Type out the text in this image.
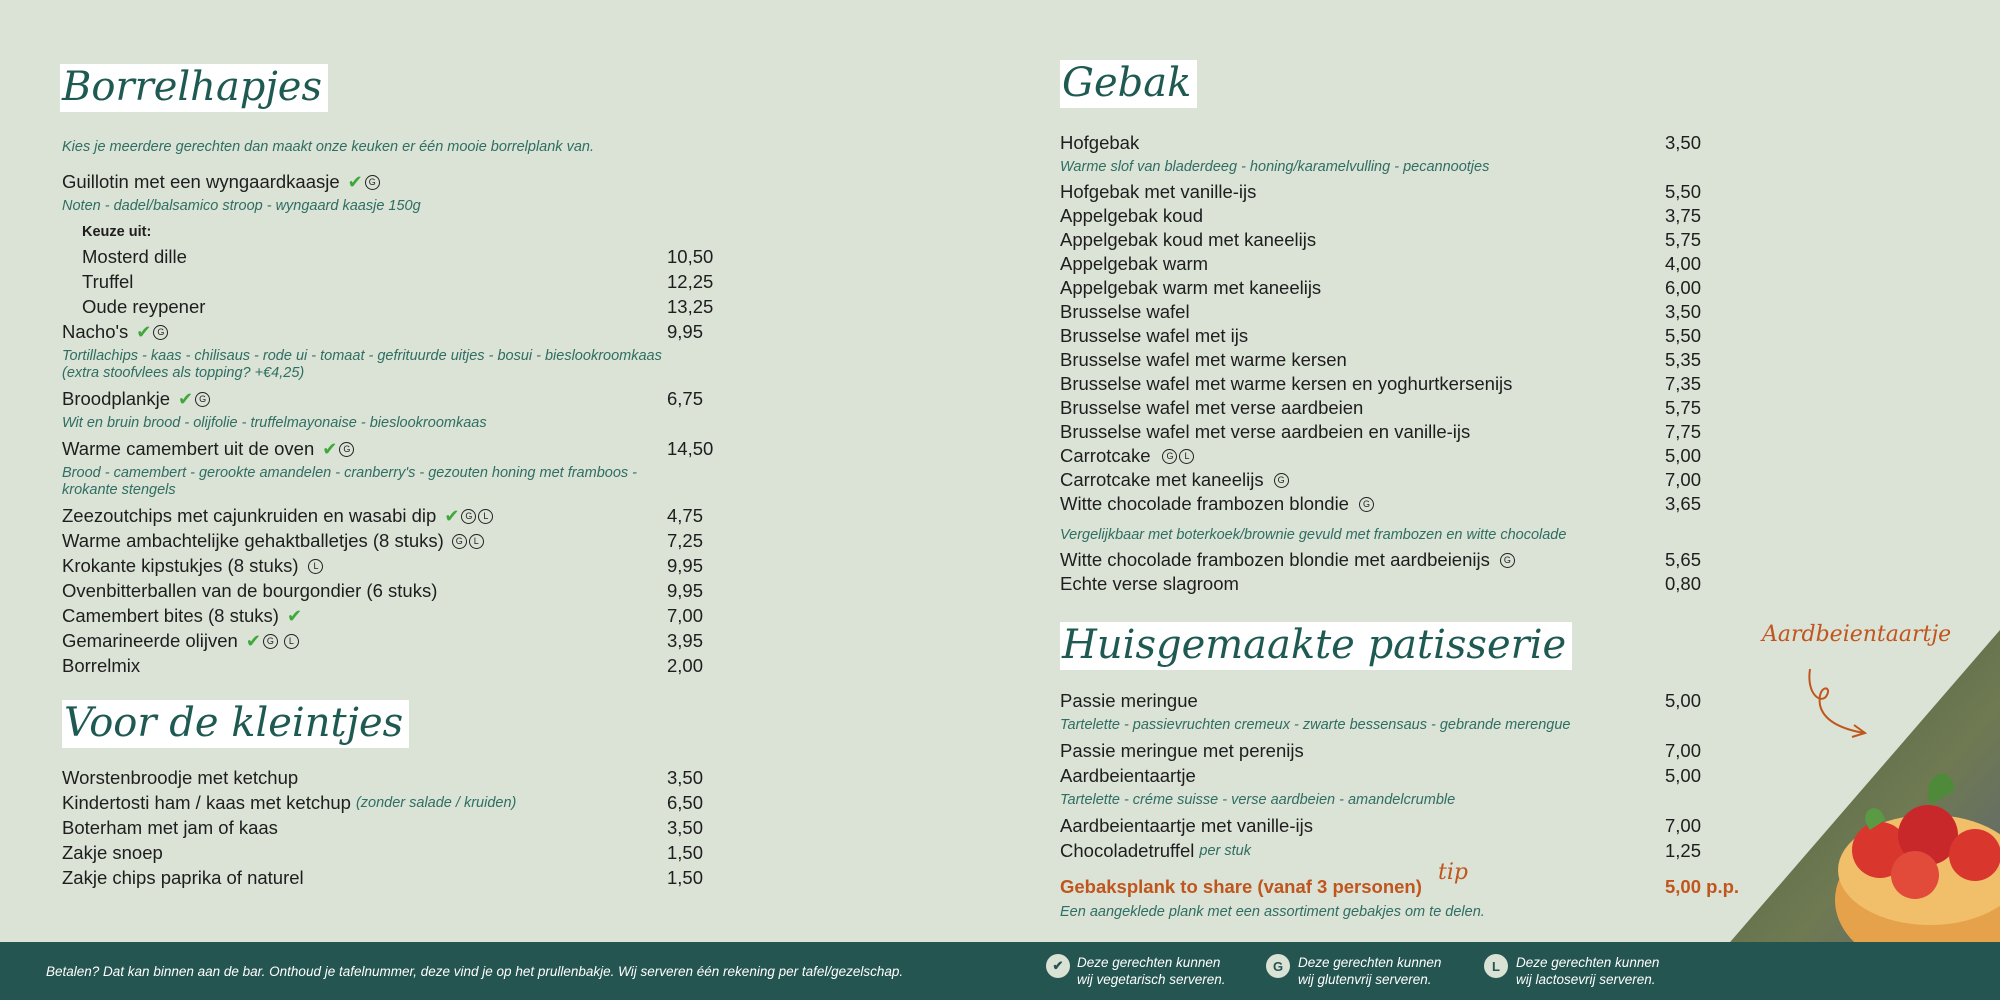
Borrelhapjes
Kies je meerdere gerechten dan maakt onze keuken er één mooie borrelplank van.
Guillotin met een wyngaardkaasje ✔ G
Noten - dadel/balsamico stroop - wyngaard kaasje 150g
Keuze uit:
Mosterd dille	10,50
Truffel	12,25
Oude reypener	13,25
Nacho's ✔ G	9,95
Tortillachips - kaas - chilisaus - rode ui - tomaat - gefrituurde uitjes - bosui - bieslookroomkaas
(extra stoofvlees als topping? +€4,25)
Broodplankje ✔ G	6,75
Wit en bruin brood - olijfolie - truffelmayonaise - bieslookroomkaas
Warme camembert uit de oven ✔ G	14,50
Brood - camembert - gerookte amandelen - cranberry's - gezouten honing met framboos -
krokante stengels
Zeezoutchips met cajunkruiden en wasabi dip ✔ G	L	4,75
Warme ambachtelijke gehaktballetjes (8 stuks)	G	L	7,25
Krokante kipstukjes (8 stuks)	L	9,95
Ovenbitterballen van de bourgondier (6 stuks)	9,95
Camembert bites (8 stuks) ✔	7,00
Gemarineerde olijven ✔ G	L	3,95
Borrelmix	2,00
Voor de kleintjes
Worstenbroodje met ketchup	3,50
Kindertosti ham / kaas met ketchup (zonder salade / kruiden)	6,50
Boterham met jam of kaas	3,50
Zakje snoep	1,50
Zakje chips paprika of naturel	1,50
Gebak
Hofgebak	3,50
Warme slof van bladerdeeg - honing/karamelvulling - pecannootjes
Hofgebak met vanille-ijs	5,50
Appelgebak koud	3,75
Appelgebak koud met kaneelijs	5,75
Appelgebak warm	4,00
Appelgebak warm met kaneelijs	6,00
Brusselse wafel	3,50
Brusselse wafel met ijs	5,50
Brusselse wafel met warme kersen	5,35
Brusselse wafel met warme kersen en yoghurtkersenijs	7,35
Brusselse wafel met verse aardbeien	5,75
Brusselse wafel met verse aardbeien en vanille-ijs	7,75
Carrotcake	G	L	5,00
Carrotcake met kaneelijs	G	7,00
Witte chocolade frambozen blondie	G	3,65
Vergelijkbaar met boterkoek/brownie gevuld met frambozen en witte chocolade
Witte chocolade frambozen blondie met aardbeienijs	G	5,65
Echte verse slagroom	0,80
Huisgemaakte patisserie
Passie meringue	5,00
Tartelette - passievruchten cremeux - zwarte bessensaus - gebrande merengue
Passie meringue met perenijs	7,00
Aardbeientaartje	5,00
Tartelette - créme suisse - verse aardbeien - amandelcrumble
Aardbeientaartje met vanille-ijs	7,00
Chocoladetruffel per stuk	1,25
Gebaksplank to share (vanaf 3 personen)
tip
5,00 p.p.
Een aangeklede plank met een assortiment gebakjes om te delen.
Aardbeientaartje
Betalen? Dat kan binnen aan de bar. Onthoud je tafelnummer, deze vind je op het prullenbakje. Wij serveren één rekening per tafel/gezelschap.	✔	Deze gerechten kunnen
wij vegetarisch serveren.
G	Deze gerechten kunnen
wij glutenvrij serveren.
L	Deze gerechten kunnen
wij lactosevrij serveren.
